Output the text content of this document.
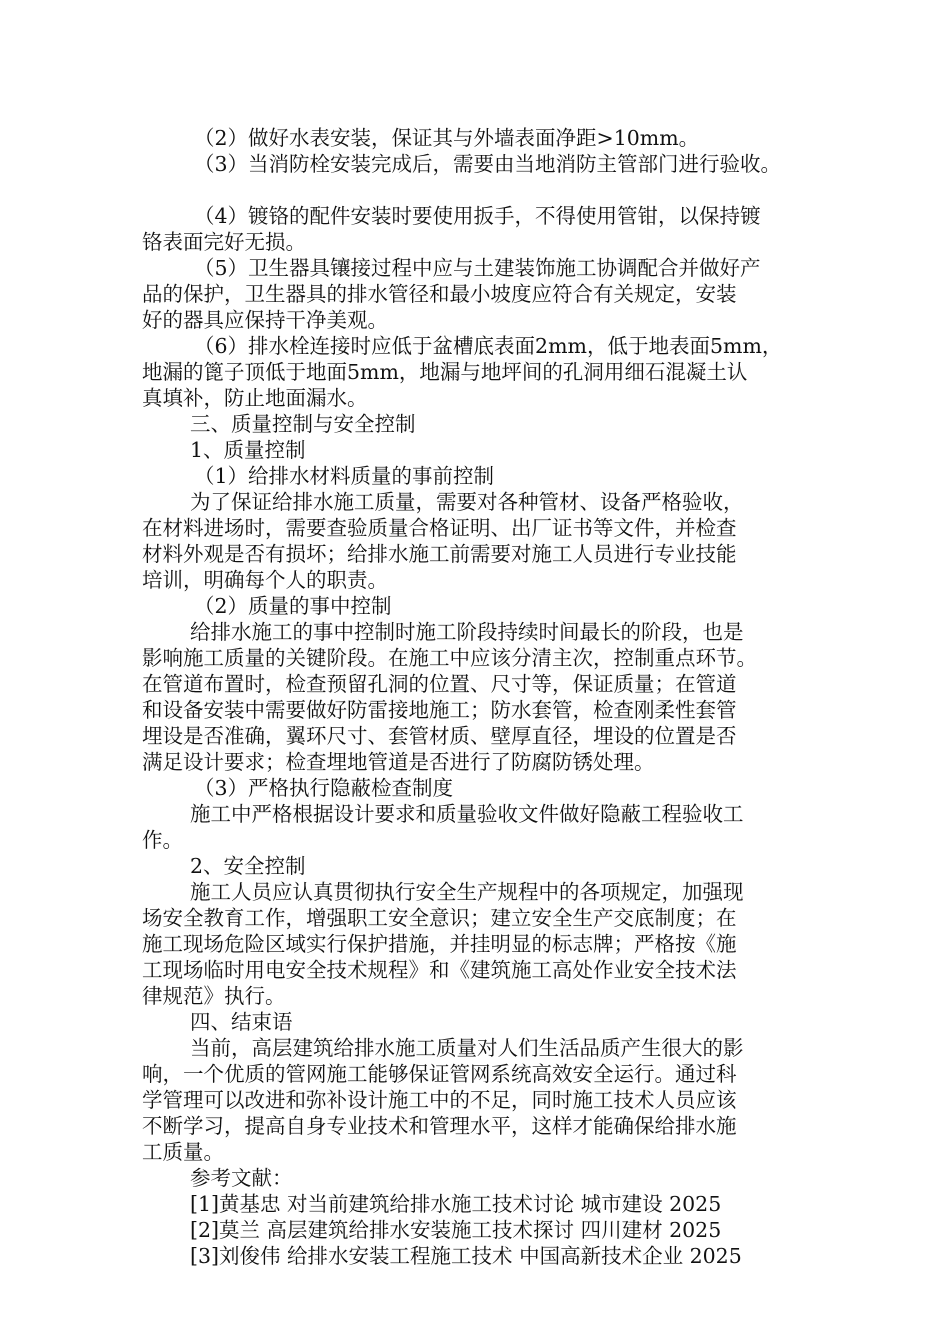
（2）做好水表安装，保证其与外墙表面净距>10mm。
（3）当消防栓安装完成后，需要由当地消防主管部门进行验收。
（4）镀铬的配件安装时要使用扳手，不得使用管钳，以保持镀
铬表面完好无损。
（5）卫生器具镶接过程中应与土建装饰施工协调配合并做好产
品的保护，卫生器具的排水管径和最小坡度应符合有关规定，安装
好的器具应保持干净美观。
（6）排水栓连接时应低于盆槽底表面2mm，低于地表面5mm，
地漏的篦子顶低于地面5mm，地漏与地坪间的孔洞用细石混凝土认
真填补，防止地面漏水。
三、质量控制与安全控制
1、质量控制
（1）给排水材料质量的事前控制
为了保证给排水施工质量，需要对各种管材、设备严格验收，
在材料进场时，需要查验质量合格证明、出厂证书等文件，并检查
材料外观是否有损坏；给排水施工前需要对施工人员进行专业技能
培训，明确每个人的职责。
（2）质量的事中控制
给排水施工的事中控制时施工阶段持续时间最长的阶段，也是
影响施工质量的关键阶段。在施工中应该分清主次，控制重点环节。
在管道布置时，检查预留孔洞的位置、尺寸等，保证质量；在管道
和设备安装中需要做好防雷接地施工；防水套管，检查刚柔性套管
埋设是否准确，翼环尺寸、套管材质、壁厚直径，埋设的位置是否
满足设计要求；检查埋地管道是否进行了防腐防锈处理。
（3）严格执行隐蔽检查制度
施工中严格根据设计要求和质量验收文件做好隐蔽工程验收工
作。
2、安全控制
施工人员应认真贯彻执行安全生产规程中的各项规定，加强现
场安全教育工作，增强职工安全意识；建立安全生产交底制度；在
施工现场危险区域实行保护措施，并挂明显的标志牌；严格按《施
工现场临时用电安全技术规程》和《建筑施工高处作业安全技术法
律规范》执行。
四、结束语
当前，高层建筑给排水施工质量对人们生活品质产生很大的影
响，一个优质的管网施工能够保证管网系统高效安全运行。通过科
学管理可以改进和弥补设计施工中的不足，同时施工技术人员应该
不断学习，提高自身专业技术和管理水平，这样才能确保给排水施
工质量。
参考文献：
[1]黄基忠 对当前建筑给排水施工技术讨论 城市建设 2025
[2]莫兰 高层建筑给排水安装施工技术探讨 四川建材 2025
[3]刘俊伟 给排水安装工程施工技术 中国高新技术企业 2025
